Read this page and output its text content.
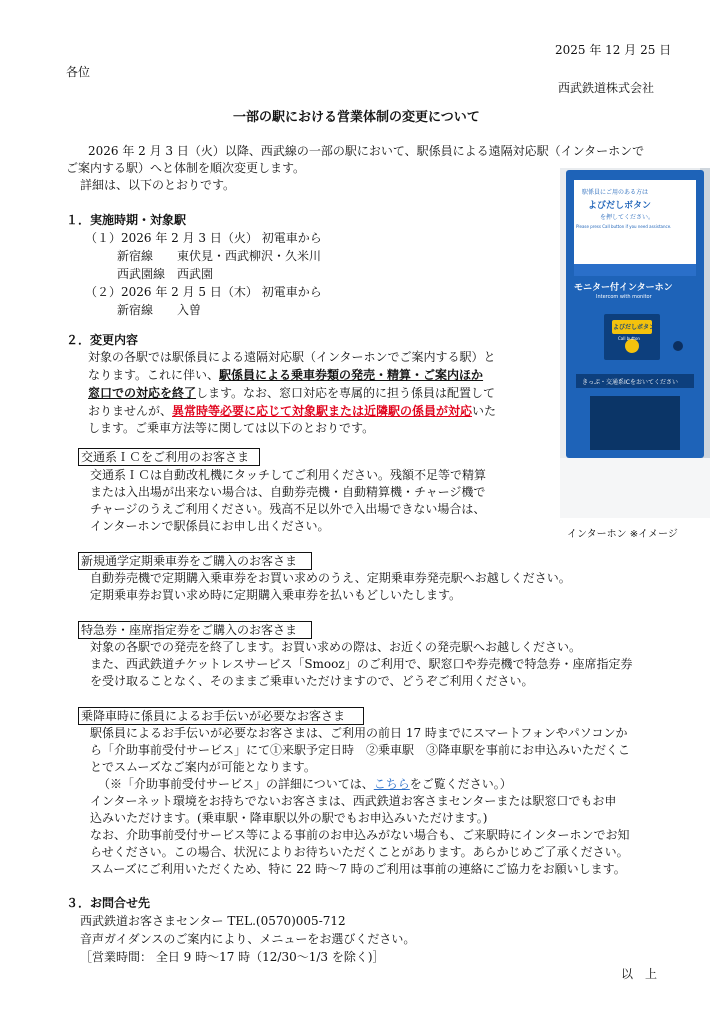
2025 年 12 月 25 日
各位
西武鉄道株式会社
一部の駅における営業体制の変更について
2026 年 2 月 3 日（火）以降、西武線の一部の駅において、駅係員による遠隔対応駅（インターホンで
ご案内する駅）へと体制を順次変更します。
詳細は、以下のとおりです。
１．実施時期・対象駅
（１）2026 年 2 月 3 日（火） 初電車から
新宿線　　東伏見・西武柳沢・久米川
西武園線　西武園
（２）2026 年 2 月 5 日（木） 初電車から
新宿線　　入曽
２．変更内容
対象の各駅では駅係員による遠隔対応駅（インターホンでご案内する駅）と
なります。これに伴い、駅係員による乗車券類の発売・精算・ご案内ほか
窓口での対応を終了します。なお、窓口対応を専属的に担う係員は配置して
おりませんが、異常時等必要に応じて対象駅または近隣駅の係員が対応いた
します。ご乗車方法等に関しては以下のとおりです。
駅係員にご用のある方は
よびだしボタン
を押してください。
Please press Call button if you need assistance.
モニター付インターホン
Intercom with monitor
よびだしボタン
Call button
きっぷ・交通系ICをおいてください
インターホン ※イメージ
交通系ＩＣをご利用のお客さま
交通系ＩＣは自動改札機にタッチしてご利用ください。残額不足等で精算
または入出場が出来ない場合は、自動券売機・自動精算機・チャージ機で
チャージのうえご利用ください。残高不足以外で入出場できない場合は、
インターホンで駅係員にお申し出ください。
新規通学定期乗車券をご購入のお客さま
自動券売機で定期購入乗車券をお買い求めのうえ、定期乗車券発売駅へお越しください。
定期乗車券お買い求め時に定期購入乗車券を払いもどしいたします。
特急券・座席指定券をご購入のお客さま
対象の各駅での発売を終了します。お買い求めの際は、お近くの発売駅へお越しください。
また、西武鉄道チケットレスサービス「Smooz」のご利用で、駅窓口や券売機で特急券・座席指定券
を受け取ることなく、そのままご乗車いただけますので、どうぞご利用ください。
乗降車時に係員によるお手伝いが必要なお客さま
駅係員によるお手伝いが必要なお客さまは、ご利用の前日 17 時までにスマートフォンやパソコンか
ら「介助事前受付サービス」にて①来駅予定日時　②乗車駅　③降車駅を事前にお申込みいただくこ
とでスムーズなご案内が可能となります。
（※「介助事前受付サービス」の詳細については、こちらをご覧ください。）
インターネット環境をお持ちでないお客さまは、西武鉄道お客さまセンターまたは駅窓口でもお申
込みいただけます。(乗車駅・降車駅以外の駅でもお申込みいただけます。)
なお、介助事前受付サービス等による事前のお申込みがない場合も、ご来駅時にインターホンでお知
らせください。この場合、状況によりお待ちいただくことがあります。あらかじめご了承ください。
スムーズにご利用いただくため、特に 22 時～7 時のご利用は事前の連絡にご協力をお願いします。
３．お問合せ先
西武鉄道お客さまセンター TEL.(0570)005-712
音声ガイダンスのご案内により、メニューをお選びください。
［営業時間： 全日 9 時～17 時（12/30～1/3 を除く)］
以　上
